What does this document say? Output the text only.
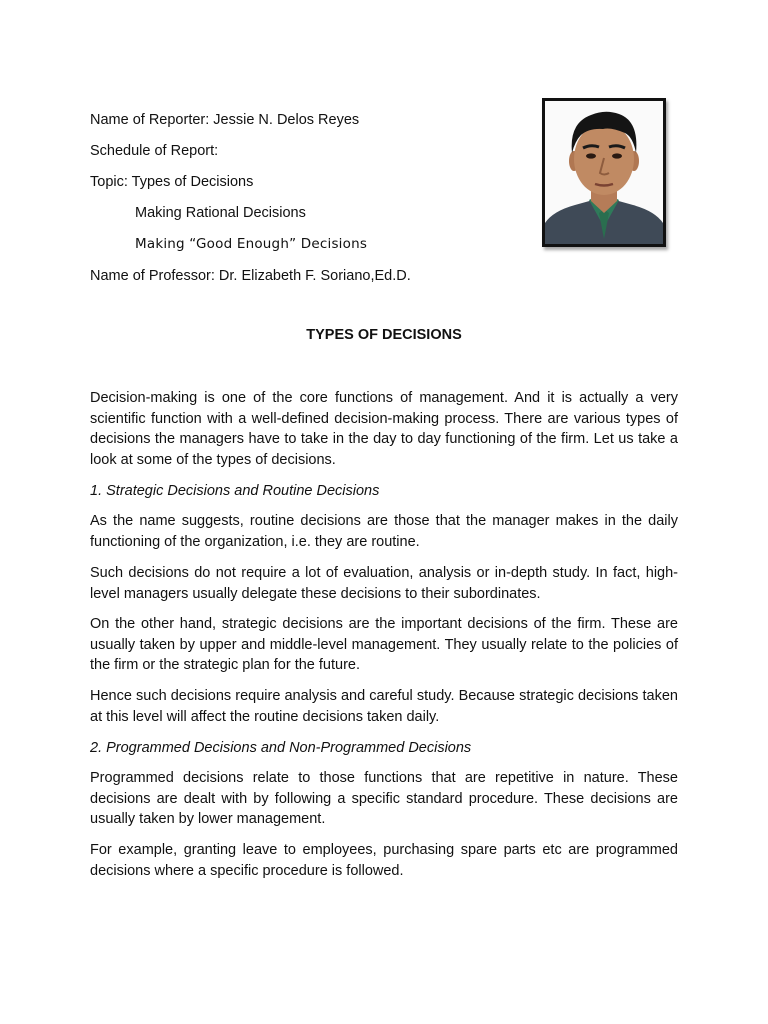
Name of Reporter: Jessie N. Delos Reyes

Schedule of Report:

Topic: Types of Decisions

Making Rational Decisions

Making “Good Enough” Decisions

Name of Professor: Dr. Elizabeth F. Soriano,Ed.D.

TYPES OF DECISIONS

Decision-making is one of the core functions of management. And it is actually a very scientific function with a well-defined decision-making process. There are various types of decisions the managers have to take in the day to day functioning of the firm. Let us take a look at some of the types of decisions.

1. Strategic Decisions and Routine Decisions

As the name suggests, routine decisions are those that the manager makes in the daily functioning of the organization, i.e. they are routine.

Such decisions do not require a lot of evaluation, analysis or in-depth study. In fact, high-level managers usually delegate these decisions to their subordinates.

On the other hand, strategic decisions are the important decisions of the firm. These are usually taken by upper and middle-level management. They usually relate to the policies of the firm or the strategic plan for the future.

Hence such decisions require analysis and careful study. Because strategic decisions taken at this level will affect the routine decisions taken daily.

2. Programmed Decisions and Non-Programmed Decisions

Programmed decisions relate to those functions that are repetitive in nature. These decisions are dealt with by following a specific standard procedure. These decisions are usually taken by lower management.

For example, granting leave to employees, purchasing spare parts etc are programmed decisions where a specific procedure is followed.
